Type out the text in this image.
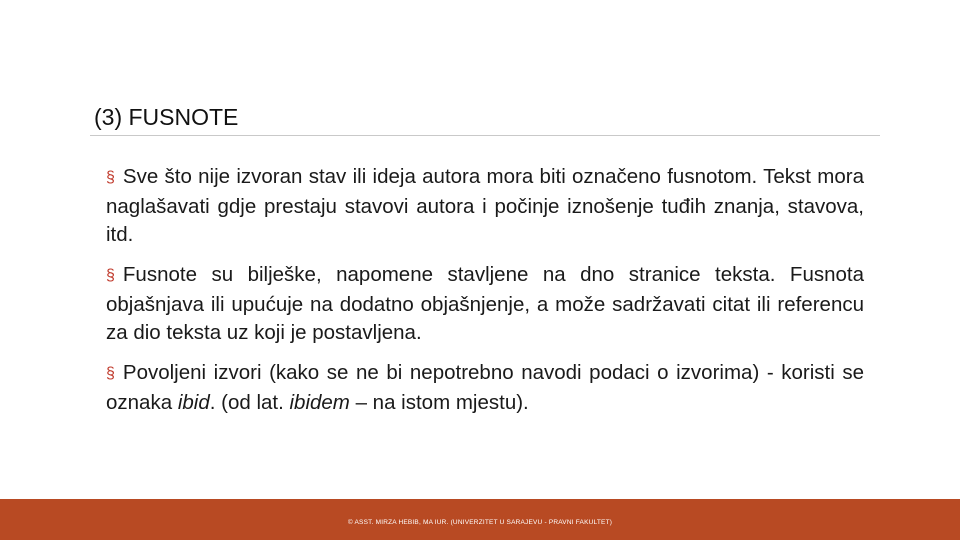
(3) FUSNOTE
§ Sve što nije izvoran stav ili ideja autora mora biti označeno fusnotom. Tekst mora naglašavati gdje prestaju stavovi autora i počinje iznošenje tuđih znanja, stavova, itd.
§ Fusnote su bilješke, napomene stavljene na dno stranice teksta. Fusnota objašnjava ili upućuje na dodatno objašnjenje, a može sadržavati citat ili referencu za dio teksta uz koji je postavljena.
§ Povoljeni izvori (kako se ne bi nepotrebno navodi podaci o izvorima) - koristi se oznaka ibid. (od lat. ibidem – na istom mjestu).
© ASST. MIRZA HEBIB, MA IUR. (UNIVERZITET U SARAJEVU - PRAVNI FAKULTET)
